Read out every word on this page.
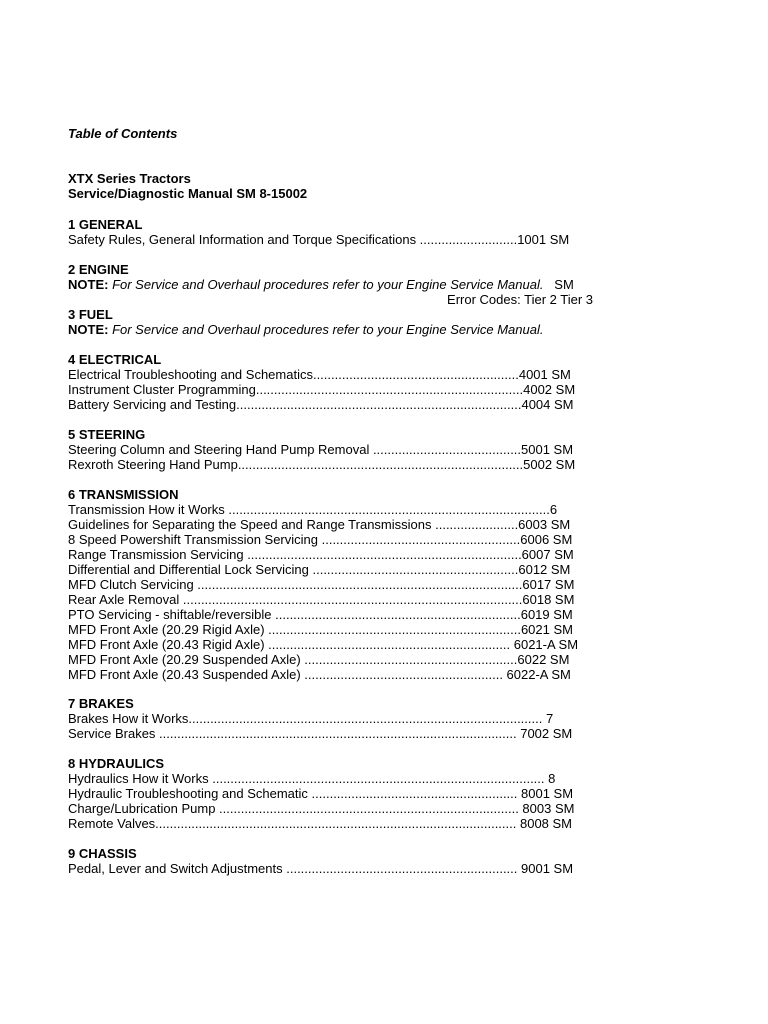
Table of Contents
XTX Series Tractors
Service/Diagnostic Manual SM 8-15002
1 GENERAL
Safety Rules, General Information and Torque Specifications ...........................1001 SM
2 ENGINE
NOTE: For Service and Overhaul procedures refer to your Engine Service Manual.   SM
Error Codes: Tier 2 Tier 3
3 FUEL
NOTE: For Service and Overhaul procedures refer to your Engine Service Manual.
4 ELECTRICAL
Electrical Troubleshooting and Schematics.........................................................4001 SM
Instrument Cluster Programming..........................................................................4002 SM
Battery Servicing and Testing...............................................................................4004 SM
5 STEERING
Steering Column and Steering Hand Pump Removal .........................................5001 SM
Rexroth Steering Hand Pump...............................................................................5002 SM
6 TRANSMISSION
Transmission How it Works .........................................................................................6
Guidelines for Separating the Speed and Range Transmissions .......................6003 SM
8 Speed Powershift Transmission Servicing .......................................................6006 SM
Range Transmission Servicing ............................................................................6007 SM
Differential and Differential Lock Servicing .........................................................6012 SM
MFD Clutch Servicing ..........................................................................................6017 SM
Rear Axle Removal ..............................................................................................6018 SM
PTO Servicing - shiftable/reversible ....................................................................6019 SM
MFD Front Axle (20.29 Rigid Axle) ......................................................................6021 SM
MFD Front Axle (20.43 Rigid Axle) ................................................................... 6021-A SM
MFD Front Axle (20.29 Suspended Axle) ...........................................................6022 SM
MFD Front Axle (20.43 Suspended Axle) ....................................................... 6022-A SM
7 BRAKES
Brakes How it Works.................................................................................................. 7
Service Brakes ................................................................................................... 7002 SM
8 HYDRAULICS
Hydraulics How it Works ............................................................................................ 8
Hydraulic Troubleshooting and Schematic ......................................................... 8001 SM
Charge/Lubrication Pump ................................................................................... 8003 SM
Remote Valves.................................................................................................... 8008 SM
9 CHASSIS
Pedal, Lever and Switch Adjustments ................................................................ 9001 SM
